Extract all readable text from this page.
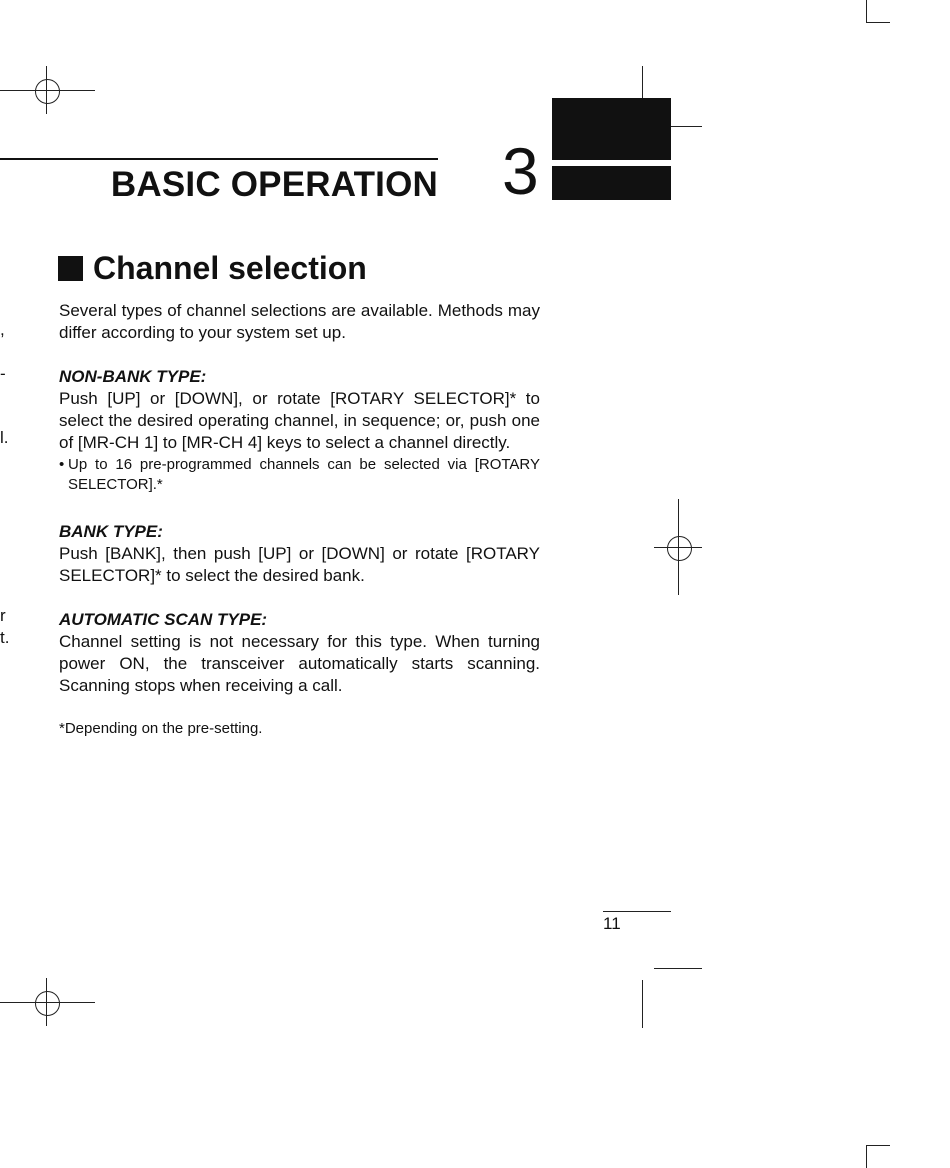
,
-
l.
r
t.
BASIC OPERATION 3
Channel selection

Several types of channel selections are available. Methods may differ according to your system set up.

NON-BANK TYPE:

Push [UP] or [DOWN], or rotate [ROTARY SELECTOR]* to select the desired operating channel, in sequence; or, push one of [MR-CH 1] to [MR-CH 4] keys to select a channel directly.

• Up to 16 pre-programmed channels can be selected via [ROTARY SELECTOR].*

BANK TYPE:

Push [BANK], then push [UP] or [DOWN] or rotate [ROTARY SELECTOR]* to select the desired bank.

AUTOMATIC SCAN TYPE:

Channel setting is not necessary for this type. When turning power ON, the transceiver automatically starts scanning. Scanning stops when receiving a call.

*Depending on the pre-setting.

11
